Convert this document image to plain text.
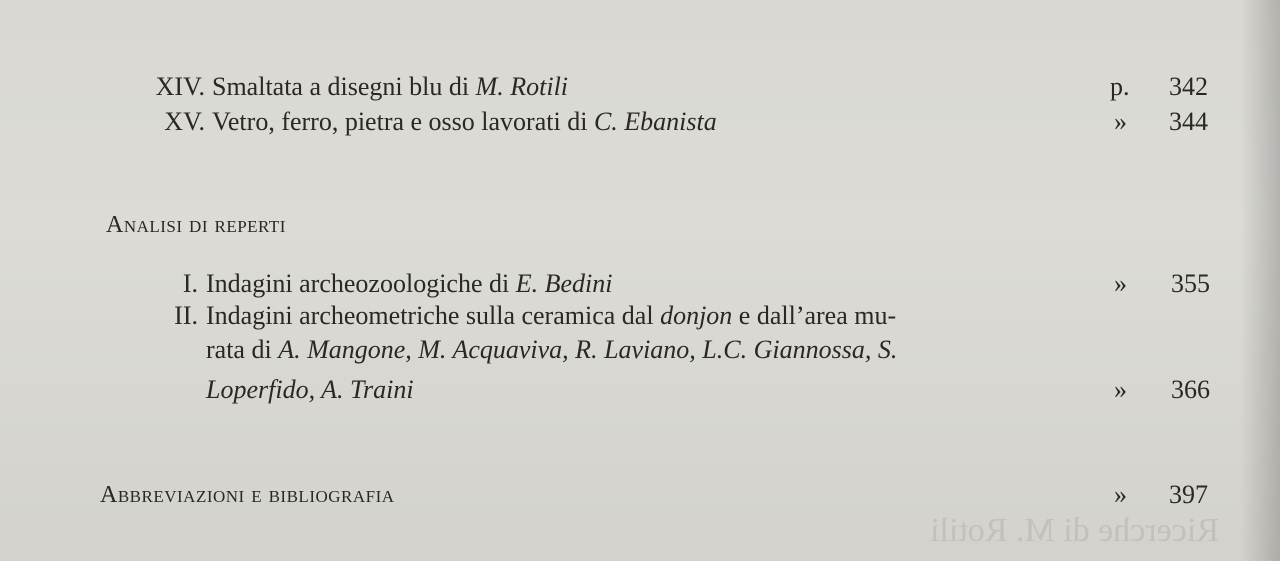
Ricerche di M. Rotili
XIV. Smaltata a disegni blu di M. Rotili	p. 342
XV. Vetro, ferro, pietra e osso lavorati di C. Ebanista	» 344
Analisi di reperti
I. Indagini archeozoologiche di E. Bedini	» 355
II. Indagini archeometriche sulla ceramica dal donjon e dall’area mu-
rata di A. Mangone, M. Acquaviva, R. Laviano, L.C. Giannossa, S.
Loperfido, A. Traini	» 366
Abbreviazioni e bibliografia	» 397
